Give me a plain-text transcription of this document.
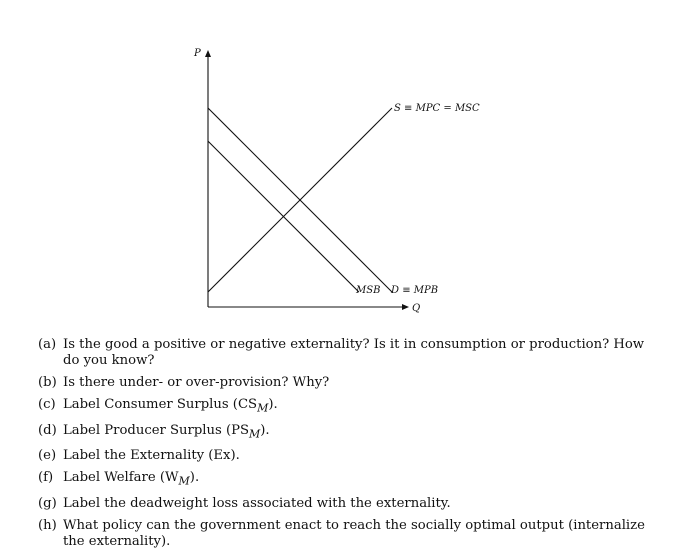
P
Q
S ≡ MPC = MSC
MSB D ≡ MPB
(a) Is the good a positive or negative externality? Is it in consumption or production? How do you know?
(b) Is there under- or over-provision? Why?
(c) Label Consumer Surplus $(CS_M)$.
(d) Label Producer Surplus $(PS_M)$.
(e) Label the Externality (Ex).
(f) Label Welfare $(W_M)$.
(g) Label the deadweight loss associated with the externality.
(h) What policy can the government enact to reach the socially optimal output (internalize the externality).
